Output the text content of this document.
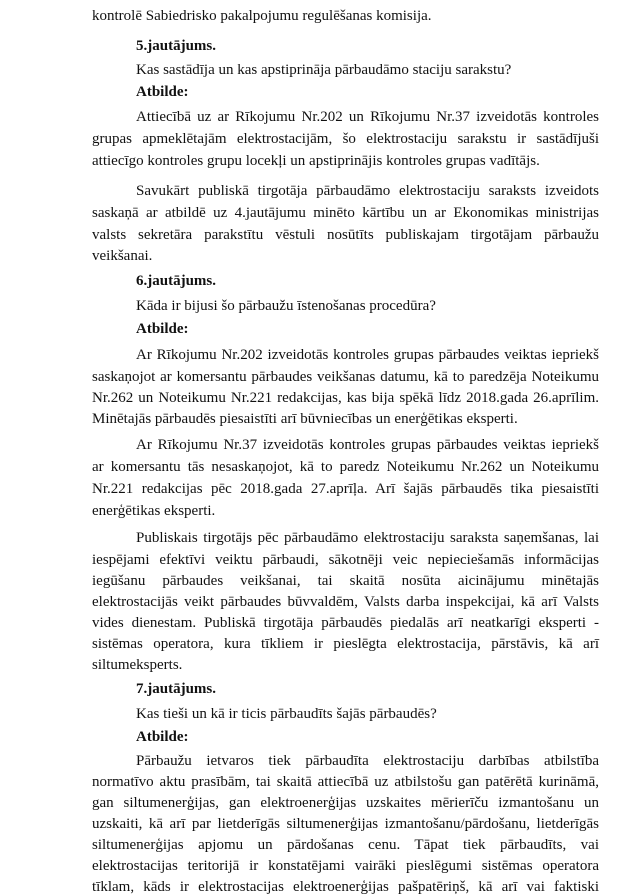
kontrolē Sabiedrisko pakalpojumu regulēšanas komisija.
5.jautājums.
Kas sastādīja un kas apstiprināja pārbaudāmo staciju sarakstu?
Atbilde:
Attiecībā uz ar Rīkojumu Nr.202 un Rīkojumu Nr.37 izveidotās kontroles
grupas apmeklētajām elektrostacijām, šo elektrostaciju sarakstu ir sastādījuši
attiecīgo kontroles grupu locekļi un apstiprinājis kontroles grupas vadītājs.
Savukārt publiskā tirgotāja pārbaudāmo elektrostaciju saraksts izveidots
saskaņā ar atbildē uz 4.jautājumu minēto kārtību un ar Ekonomikas ministrijas
valsts sekretāra parakstītu vēstuli nosūtīts publiskajam tirgotājam pārbaužu
veikšanai.
6.jautājums.
Kāda ir bijusi šo pārbaužu īstenošanas procedūra?
Atbilde:
Ar Rīkojumu Nr.202 izveidotās kontroles grupas pārbaudes veiktas iepriekš
saskaņojot ar komersantu pārbaudes veikšanas datumu, kā to paredzēja Noteikumu
Nr.262 un Noteikumu Nr.221 redakcijas, kas bija spēkā līdz 2018.gada 26.aprīlim.
Minētajās pārbaudēs piesaistīti arī būvniecības un enerģētikas eksperti.
Ar Rīkojumu Nr.37 izveidotās kontroles grupas pārbaudes veiktas iepriekš
ar komersantu tās nesaskaņojot, kā to paredz Noteikumu Nr.262 un Noteikumu
Nr.221 redakcijas pēc 2018.gada 27.aprīļa. Arī šajās pārbaudēs tika piesaistīti
enerģētikas eksperti.
Publiskais tirgotājs pēc pārbaudāmo elektrostaciju saraksta saņemšanas, lai
iespējami efektīvi veiktu pārbaudi, sākotnēji veic nepieciešamās informācijas
iegūšanu pārbaudes veikšanai, tai skaitā nosūta aicinājumu minētajās
elektrostacijās veikt pārbaudes būvvaldēm, Valsts darba inspekcijai, kā arī Valsts
vides dienestam. Publiskā tirgotāja pārbaudēs piedalās arī neatkarīgi eksperti -
sistēmas operatora, kura tīkliem ir pieslēgta elektrostacija, pārstāvis, kā arī
siltumeksperts.
7.jautājums.
Kas tieši un kā ir ticis pārbaudīts šajās pārbaudēs?
Atbilde:
Pārbaužu ietvaros tiek pārbaudīta elektrostaciju darbības atbilstība
normatīvo aktu prasībām, tai skaitā attiecībā uz atbilstošu gan patērētā kurināmā,
gan siltumenerģijas, gan elektroenerģijas uzskaites mērierīču izmantošanu un
uzskaiti, kā arī par lietderīgās siltumenerģijas izmantošanu/pārdošanu, lietderīgās
siltumenerģijas apjomu un pārdošanas cenu. Tāpat tiek pārbaudīts, vai
elektrostacijas teritorijā ir konstatējami vairāki pieslēgumi sistēmas operatora
tīklam, kāds ir elektrostacijas elektroenerģijas pašpatēriņš, kā arī vai faktiski
